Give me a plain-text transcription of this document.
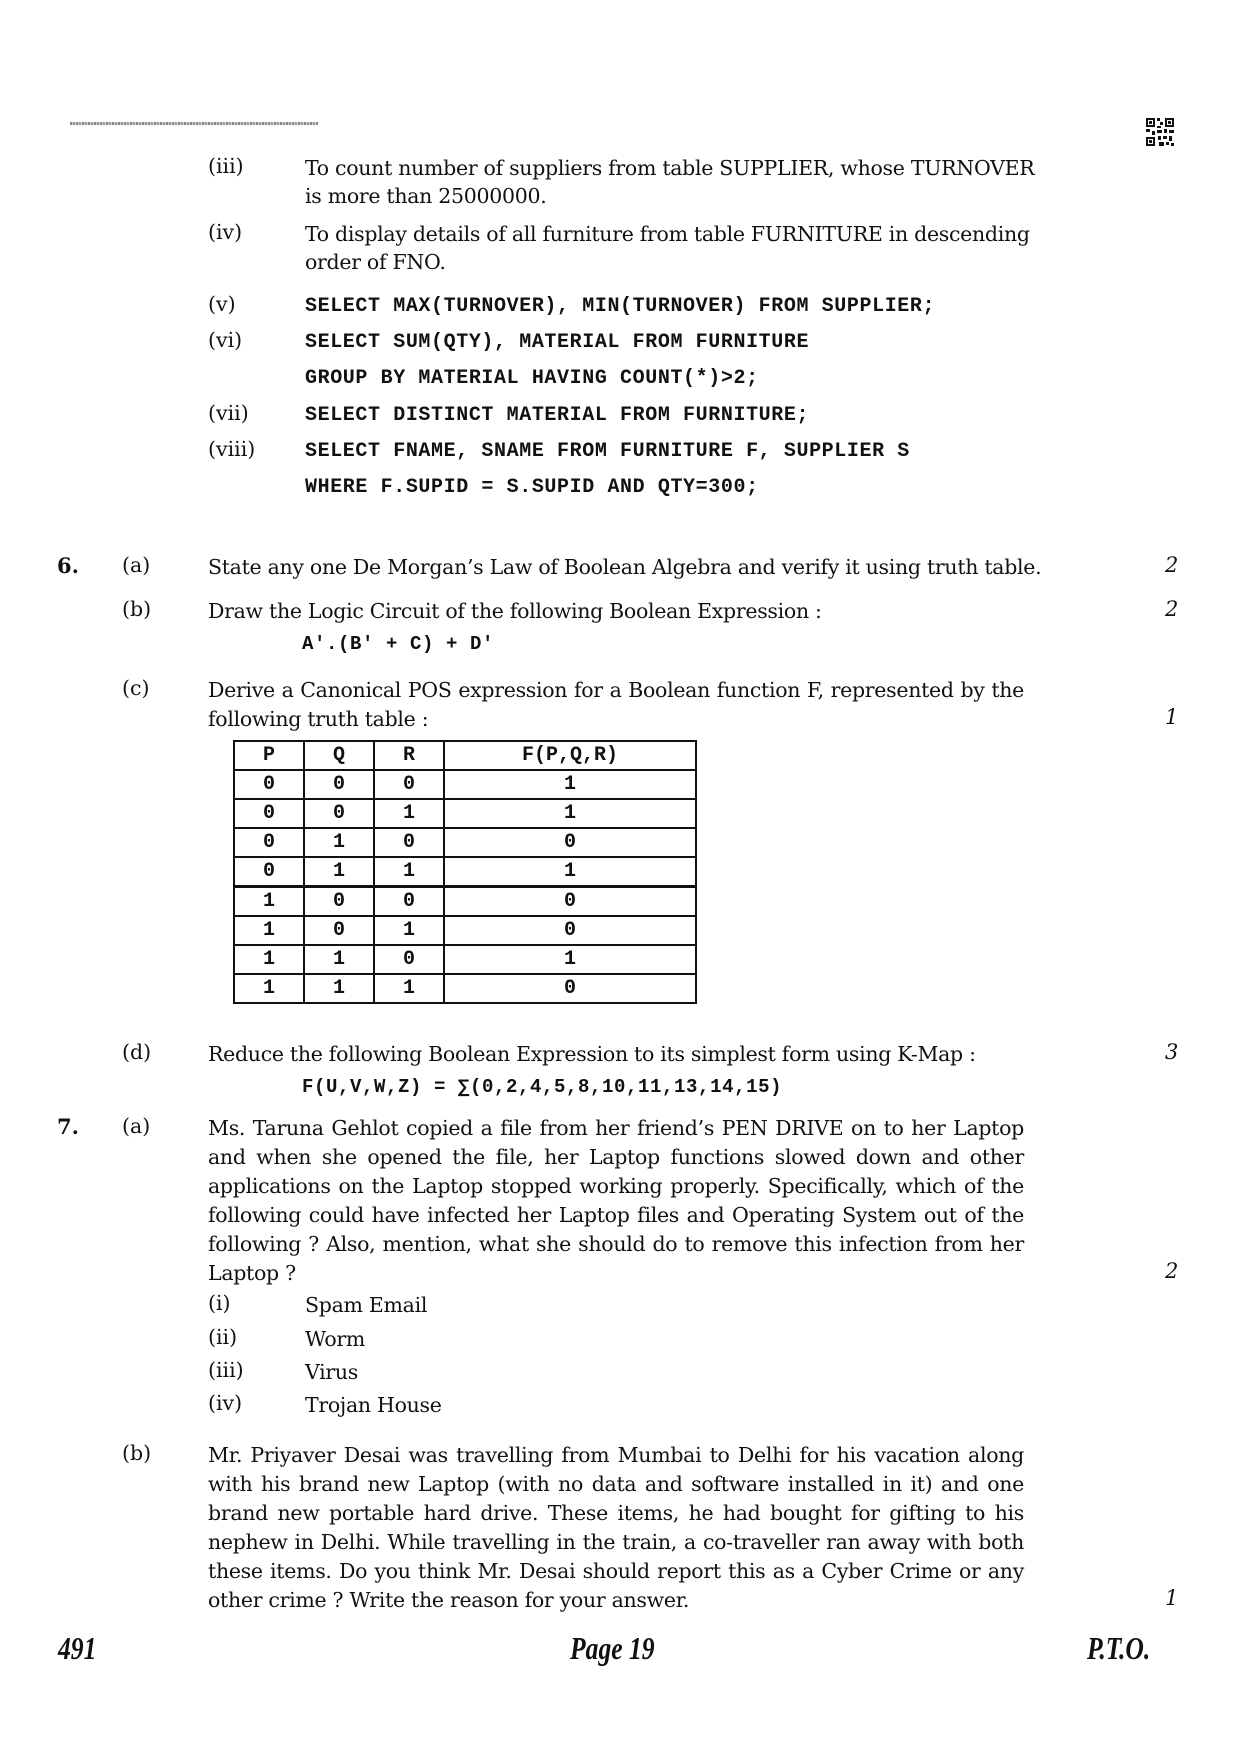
(iii)	To count number of suppliers from table SUPPLIER, whose TURNOVER
is more than 25000000.
(iv)	To display details of all furniture from table FURNITURE in descending
order of FNO.
(v)	SELECT MAX(TURNOVER), MIN(TURNOVER) FROM SUPPLIER;
(vi)	SELECT SUM(QTY), MATERIAL FROM FURNITURE
GROUP BY MATERIAL HAVING COUNT(*)>2;
(vii)	SELECT DISTINCT MATERIAL FROM FURNITURE;
(viii) SELECT FNAME, SNAME FROM FURNITURE F, SUPPLIER S
WHERE F.SUPID = S.SUPID AND QTY=300;
6. (a)	State any one De Morgan’s Law of Boolean Algebra and verify it using truth table.	2
(b)	Draw the Logic Circuit of the following Boolean Expression :	2
A′.(B′ + C) + D′
(c)	Derive a Canonical POS expression for a Boolean function F, represented by the
following truth table :	1
P	Q	R	F(P,Q,R)
0	0	0	1
0	0	1	1
0	1	0	0
0	1	1	1
1	0	0	0
1	0	1	0
1	1	0	1
1	1	1	0
(d)	Reduce the following Boolean Expression to its simplest form using K-Map :	3
F(U,V,W,Z) = ∑(0,2,4,5,8,10,11,13,14,15)
7. (a)	Ms. Taruna Gehlot copied a file from her friend’s PEN DRIVE on to her Laptop
and when she opened the file, her Laptop functions slowed down and other
applications on the Laptop stopped working properly. Specifically, which of the
following could have infected her Laptop files and Operating System out of the
following ? Also, mention, what she should do to remove this infection from her
Laptop ?	2
(i)	Spam Email
(ii)	Worm
(iii)	Virus
(iv)	Trojan House
(b)	Mr. Priyaver Desai was travelling from Mumbai to Delhi for his vacation along
with his brand new Laptop (with no data and software installed in it) and one
brand new portable hard drive. These items, he had bought for gifting to his
nephew in Delhi. While travelling in the train, a co-traveller ran away with both
these items. Do you think Mr. Desai should report this as a Cyber Crime or any
other crime ? Write the reason for your answer.	1
491	Page 19	P.T.O.
